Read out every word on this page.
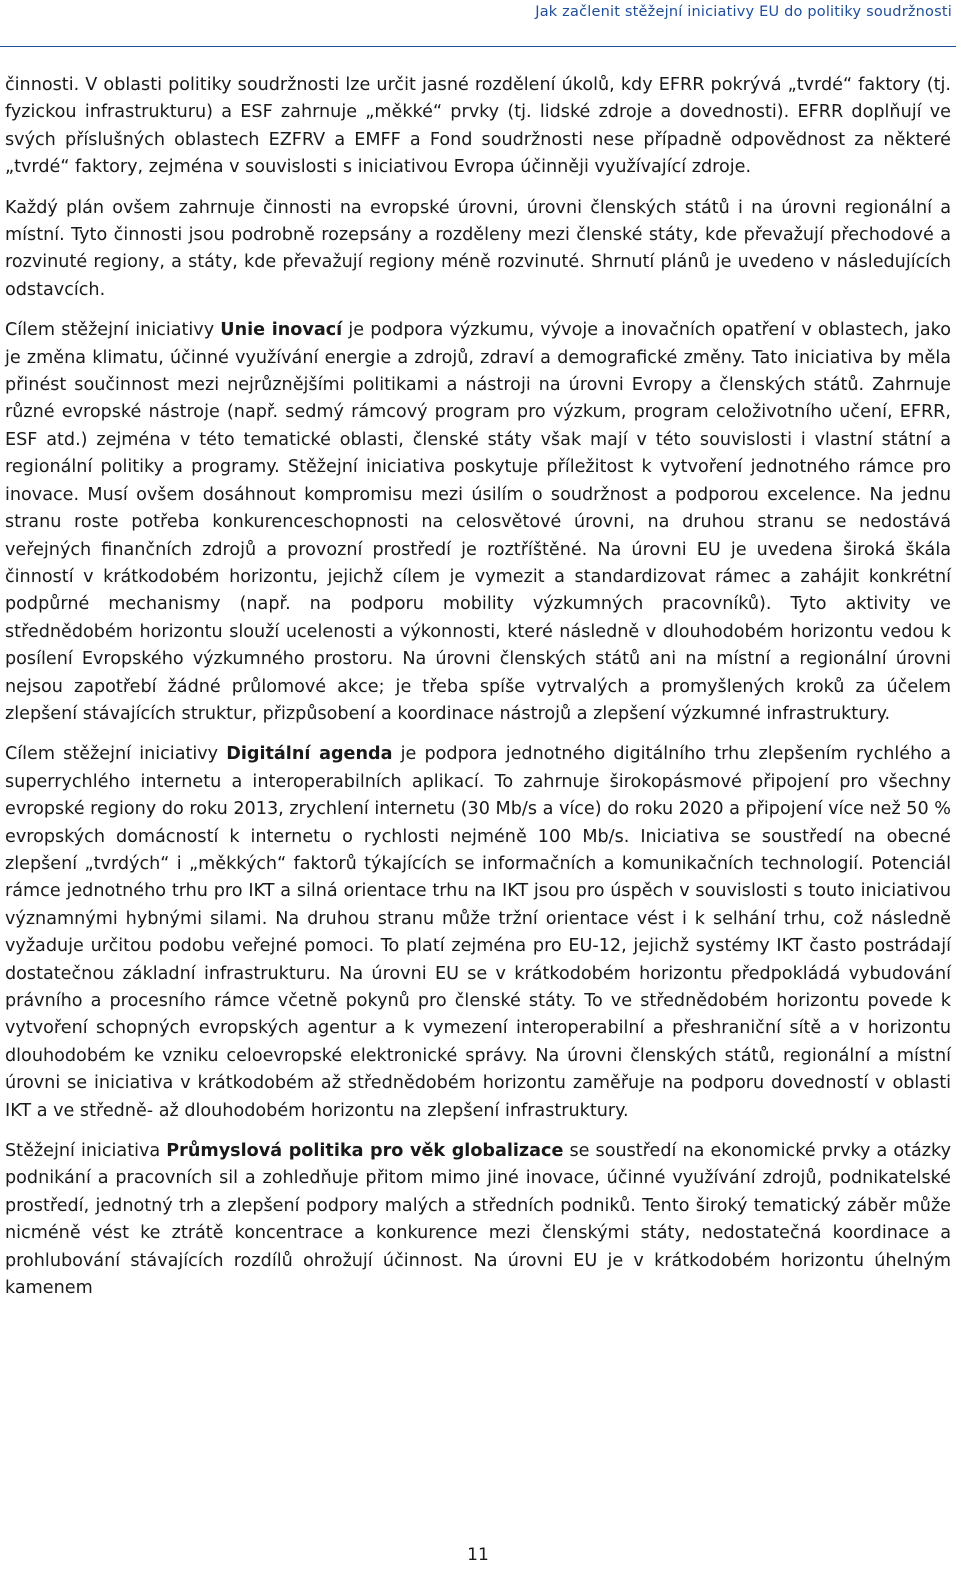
Jak začlenit stěžejní iniciativy EU do politiky soudržnosti

činnosti. V oblasti politiky soudržnosti lze určit jasné rozdělení úkolů, kdy EFRR pokrývá „tvrdé“ faktory (tj. fyzickou infrastrukturu) a ESF zahrnuje „měkké“ prvky (tj. lidské zdroje a dovednosti). EFRR doplňují ve svých příslušných oblastech EZFRV a EMFF a Fond soudržnosti nese případně odpovědnost za některé „tvrdé“ faktory, zejména v souvislosti s iniciativou Evropa účinněji využívající zdroje.

Každý plán ovšem zahrnuje činnosti na evropské úrovni, úrovni členských států i na úrovni regionální a místní. Tyto činnosti jsou podrobně rozepsány a rozděleny mezi členské státy, kde převažují přechodové a rozvinuté regiony, a státy, kde převažují regiony méně rozvinuté. Shrnutí plánů je uvedeno v následujících odstavcích.

Cílem stěžejní iniciativy Unie inovací je podpora výzkumu, vývoje a inovačních opatření v oblastech, jako je změna klimatu, účinné využívání energie a zdrojů, zdraví a demografické změny. Tato iniciativa by měla přinést součinnost mezi nejrůznějšími politikami a nástroji na úrovni Evropy a členských států. Zahrnuje různé evropské nástroje (např. sedmý rámcový program pro výzkum, program celoživotního učení, EFRR, ESF atd.) zejména v této tematické oblasti, členské státy však mají v této souvislosti i vlastní státní a regionální politiky a programy. Stěžejní iniciativa poskytuje příležitost k vytvoření jednotného rámce pro inovace. Musí ovšem dosáhnout kompromisu mezi úsilím o soudržnost a podporou excelence. Na jednu stranu roste potřeba konkurenceschopnosti na celosvětové úrovni, na druhou stranu se nedostává veřejných finančních zdrojů a provozní prostředí je roztříštěné. Na úrovni EU je uvedena široká škála činností v krátkodobém horizontu, jejichž cílem je vymezit a standardizovat rámec a zahájit konkrétní podpůrné mechanismy (např. na podporu mobility výzkumných pracovníků). Tyto aktivity ve střednědobém horizontu slouží ucelenosti a výkonnosti, které následně v dlouhodobém horizontu vedou k posílení Evropského výzkumného prostoru. Na úrovni členských států ani na místní a regionální úrovni nejsou zapotřebí žádné průlomové akce; je třeba spíše vytrvalých a promyšlených kroků za účelem zlepšení stávajících struktur, přizpůsobení a koordinace nástrojů a zlepšení výzkumné infrastruktury.

Cílem stěžejní iniciativy Digitální agenda je podpora jednotného digitálního trhu zlepšením rychlého a superrychlého internetu a interoperabilních aplikací. To zahrnuje širokopásmové připojení pro všechny evropské regiony do roku 2013, zrychlení internetu (30 Mb/s a více) do roku 2020 a připojení více než 50 % evropských domácností k internetu o rychlosti nejméně 100 Mb/s. Iniciativa se soustředí na obecné zlepšení „tvrdých“ i „měkkých“ faktorů týkajících se informačních a komunikačních technologií. Potenciál rámce jednotného trhu pro IKT a silná orientace trhu na IKT jsou pro úspěch v souvislosti s touto iniciativou významnými hybnými silami. Na druhou stranu může tržní orientace vést i k selhání trhu, což následně vyžaduje určitou podobu veřejné pomoci. To platí zejména pro EU-12, jejichž systémy IKT často postrádají dostatečnou základní infrastrukturu. Na úrovni EU se v krátkodobém horizontu předpokládá vybudování právního a procesního rámce včetně pokynů pro členské státy. To ve střednědobém horizontu povede k vytvoření schopných evropských agentur a k vymezení interoperabilní a přeshraniční sítě a v horizontu dlouhodobém ke vzniku celoevropské elektronické správy. Na úrovni členských států, regionální a místní úrovni se iniciativa v krátkodobém až střednědobém horizontu zaměřuje na podporu dovedností v oblasti IKT a ve středně- až dlouhodobém horizontu na zlepšení infrastruktury.

Stěžejní iniciativa Průmyslová politika pro věk globalizace se soustředí na ekonomické prvky a otázky podnikání a pracovních sil a zohledňuje přitom mimo jiné inovace, účinné využívání zdrojů, podnikatelské prostředí, jednotný trh a zlepšení podpory malých a středních podniků. Tento široký tematický záběr může nicméně vést ke ztrátě koncentrace a konkurence mezi členskými státy, nedostatečná koordinace a prohlubování stávajících rozdílů ohrožují účinnost. Na úrovni EU je v krátkodobém horizontu úhelným kamenem

11
